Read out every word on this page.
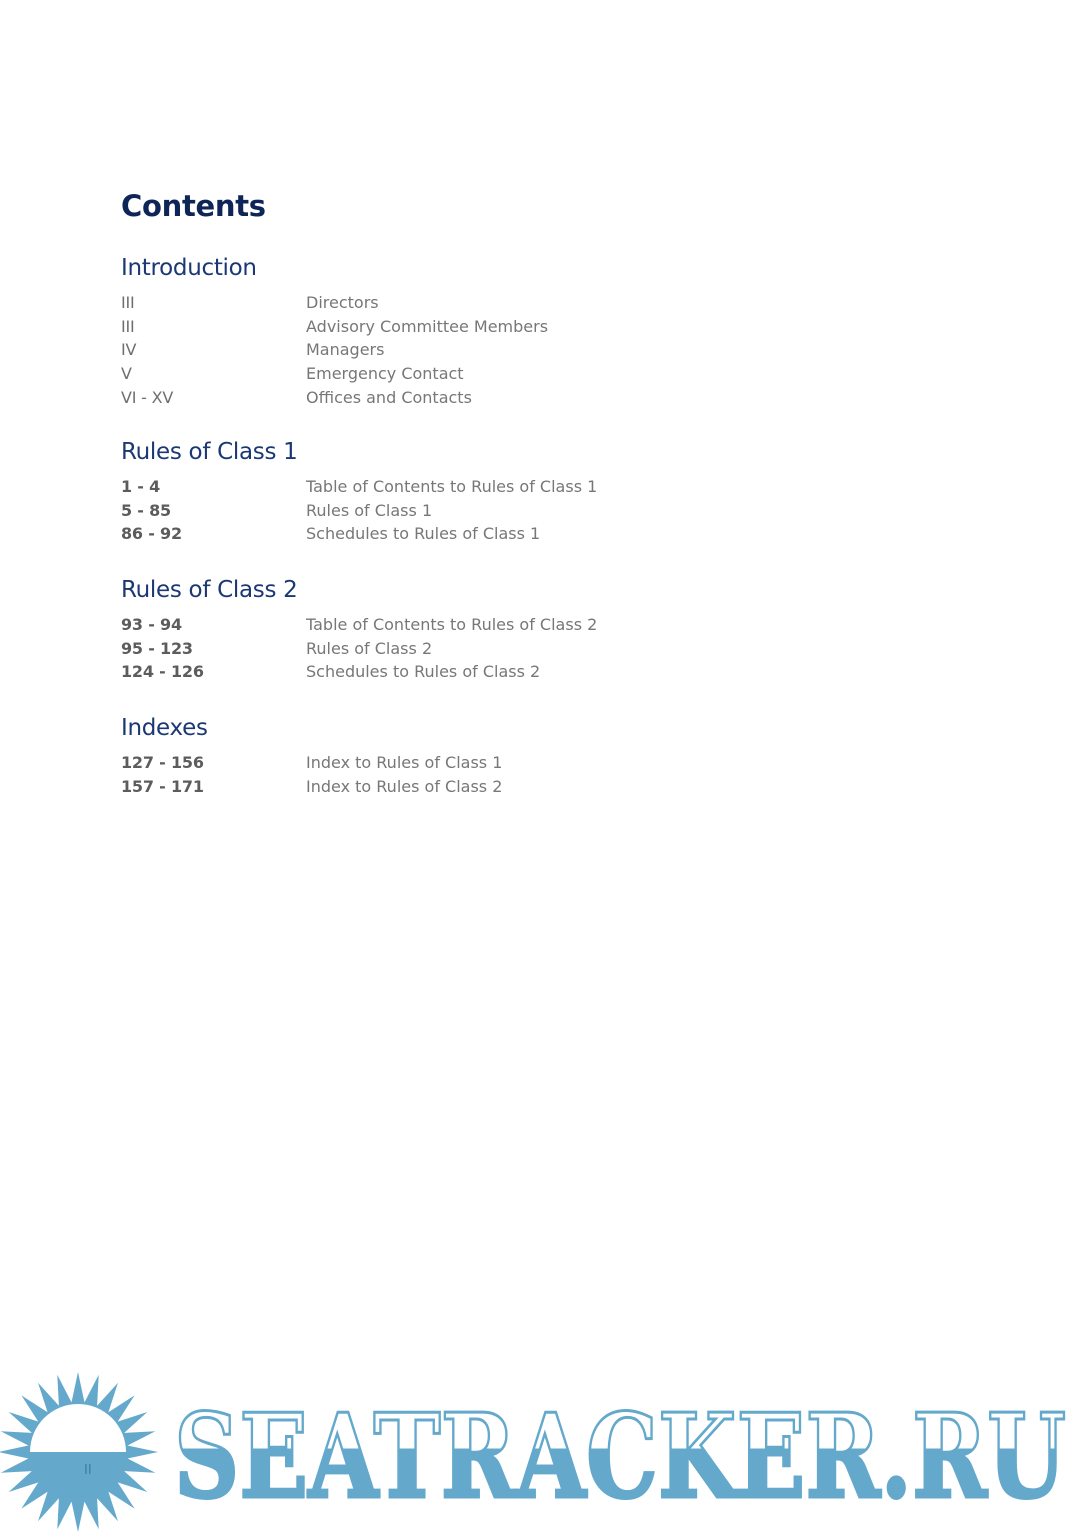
Contents
Introduction
III	Directors
III	Advisory Committee Members
IV	Managers
V	Emergency Contact
VI - XV	Offices and Contacts
Rules of Class 1
1 - 4	Table of Contents to Rules of Class 1
5 - 85	Rules of Class 1
86 - 92	Schedules to Rules of Class 1
Rules of Class 2
93 - 94	Table of Contents to Rules of Class 2
95 - 123	Rules of Class 2
124 - 126	Schedules to Rules of Class 2
Indexes
127 - 156	Index to Rules of Class 1
157 - 171	Index to Rules of Class 2
SEATRACKER.RU
II
